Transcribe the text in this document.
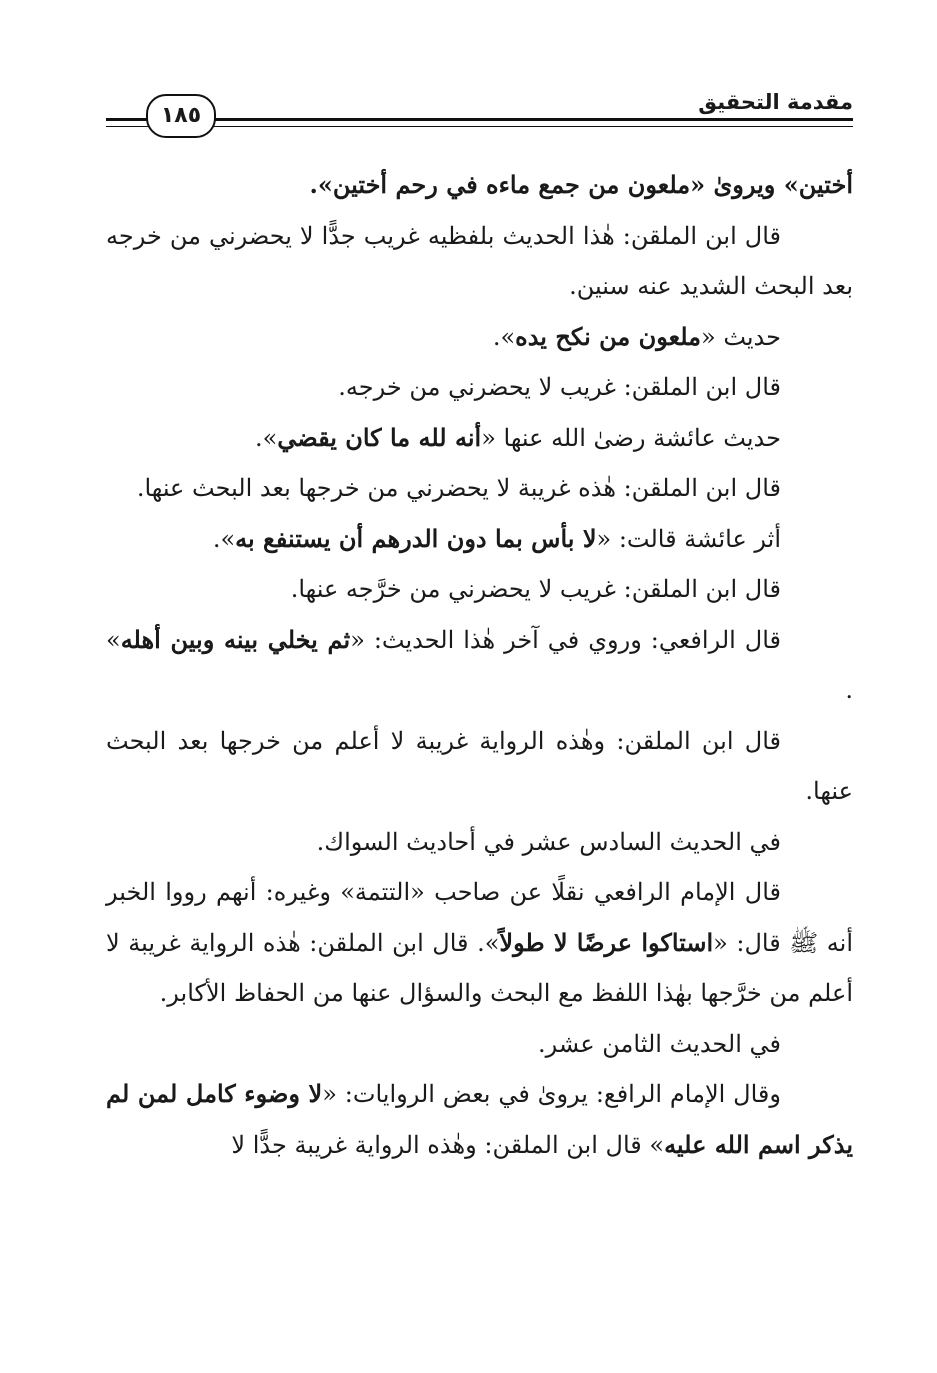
مقدمة التحقيق
١٨٥

أختين» ويروىٰ «ملعون من جمع ماءه في رحم أختين».

قال ابن الملقن: هٰذا الحديث بلفظيه غريب جدًّا لا يحضرني من خرجه بعد البحث الشديد عنه سنين.

حديث «ملعون من نكح يده».

قال ابن الملقن: غريب لا يحضرني من خرجه.

حديث عائشة رضىٰ الله عنها «أنه لله ما كان يقضي».

قال ابن الملقن: هٰذه غريبة لا يحضرني من خرجها بعد البحث عنها.

أثر عائشة قالت: «لا بأس بما دون الدرهم أن يستنفع به».

قال ابن الملقن: غريب لا يحضرني من خرَّجه عنها.

قال الرافعي: وروي في آخر هٰذا الحديث: «ثم يخلي بينه وبين أهله» .

قال ابن الملقن: وهٰذه الرواية غريبة لا أعلم من خرجها بعد البحث عنها.

في الحديث السادس عشر في أحاديث السواك.

قال الإمام الرافعي نقلًا عن صاحب «التتمة» وغيره: أنهم رووا الخبر أنه ﷺ قال: «استاكوا عرضًا لا طولاً». قال ابن الملقن: هٰذه الرواية غريبة لا أعلم من خرَّجها بهٰذا اللفظ مع البحث والسؤال عنها من الحفاظ الأكابر.

في الحديث الثامن عشر.

وقال الإمام الرافع: يروىٰ في بعض الروايات: «لا وضوء كامل لمن لم يذكر اسم الله عليه» قال ابن الملقن: وهٰذه الرواية غريبة جدًّا لا
